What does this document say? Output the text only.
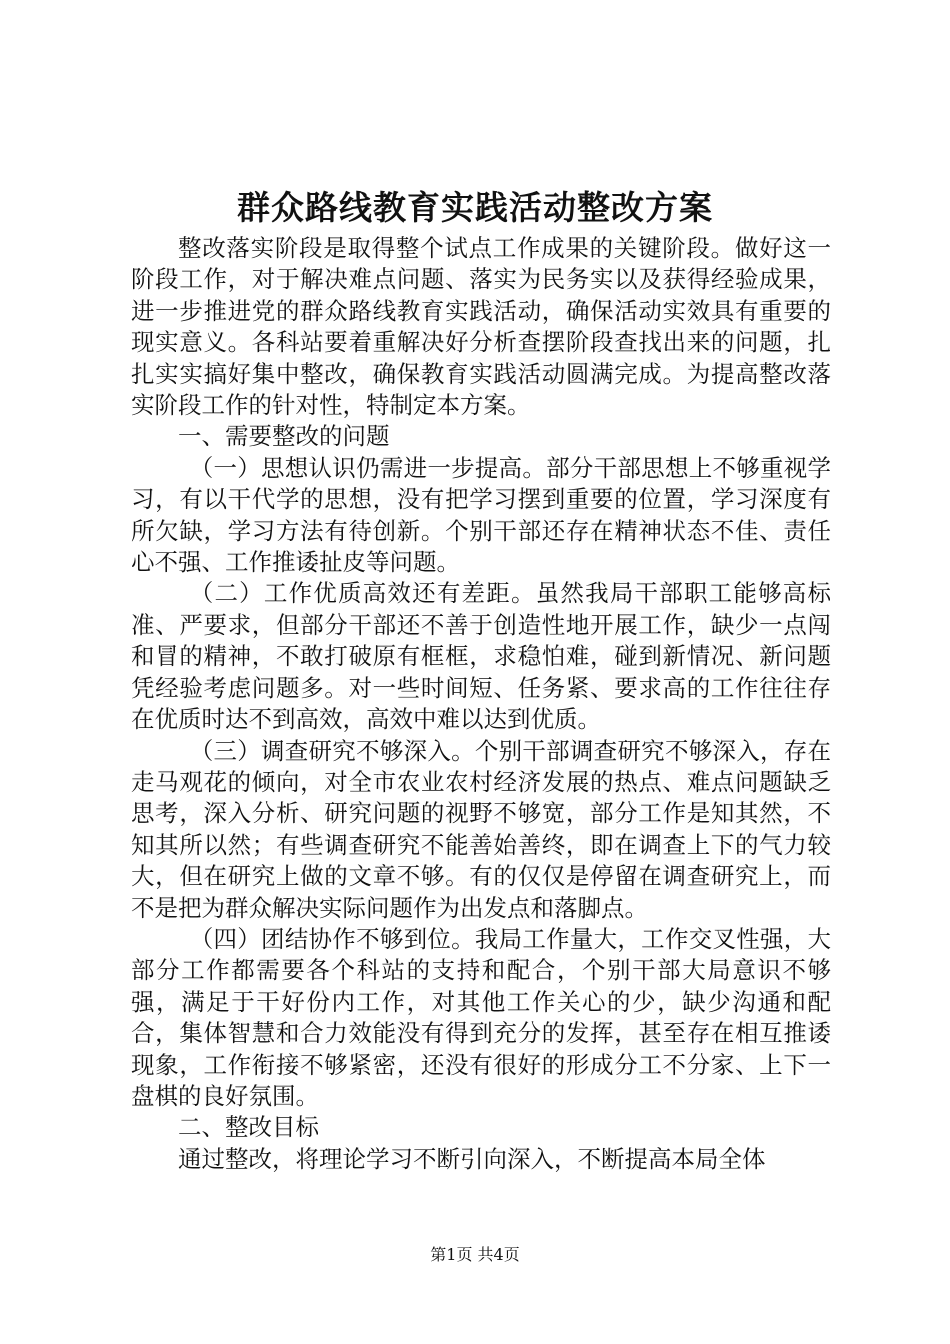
群众路线教育实践活动整改方案

整改落实阶段是取得整个试点工作成果的关键阶段。做好这一阶段工作，对于解决难点问题、落实为民务实以及获得经验成果，进一步推进党的群众路线教育实践活动，确保活动实效具有重要的现实意义。各科站要着重解决好分析查摆阶段查找出来的问题，扎扎实实搞好集中整改，确保教育实践活动圆满完成。为提高整改落实阶段工作的针对性，特制定本方案。

一、需要整改的问题

（一）思想认识仍需进一步提高。部分干部思想上不够重视学习，有以干代学的思想，没有把学习摆到重要的位置，学习深度有所欠缺，学习方法有待创新。个别干部还存在精神状态不佳、责任心不强、工作推诿扯皮等问题。

（二）工作优质高效还有差距。虽然我局干部职工能够高标准、严要求，但部分干部还不善于创造性地开展工作，缺少一点闯和冒的精神，不敢打破原有框框，求稳怕难，碰到新情况、新问题凭经验考虑问题多。对一些时间短、任务紧、要求高的工作往往存在优质时达不到高效，高效中难以达到优质。

（三）调查研究不够深入。个别干部调查研究不够深入，存在走马观花的倾向，对全市农业农村经济发展的热点、难点问题缺乏思考，深入分析、研究问题的视野不够宽，部分工作是知其然，不知其所以然；有些调查研究不能善始善终，即在调查上下的气力较大，但在研究上做的文章不够。有的仅仅是停留在调查研究上，而不是把为群众解决实际问题作为出发点和落脚点。

（四）团结协作不够到位。我局工作量大，工作交叉性强，大部分工作都需要各个科站的支持和配合，个别干部大局意识不够强，满足于干好份内工作，对其他工作关心的少，缺少沟通和配合，集体智慧和合力效能没有得到充分的发挥，甚至存在相互推诿现象，工作衔接不够紧密，还没有很好的形成分工不分家、上下一盘棋的良好氛围。

二、整改目标

通过整改，将理论学习不断引向深入，不断提高本局全体

第1页 共4页
